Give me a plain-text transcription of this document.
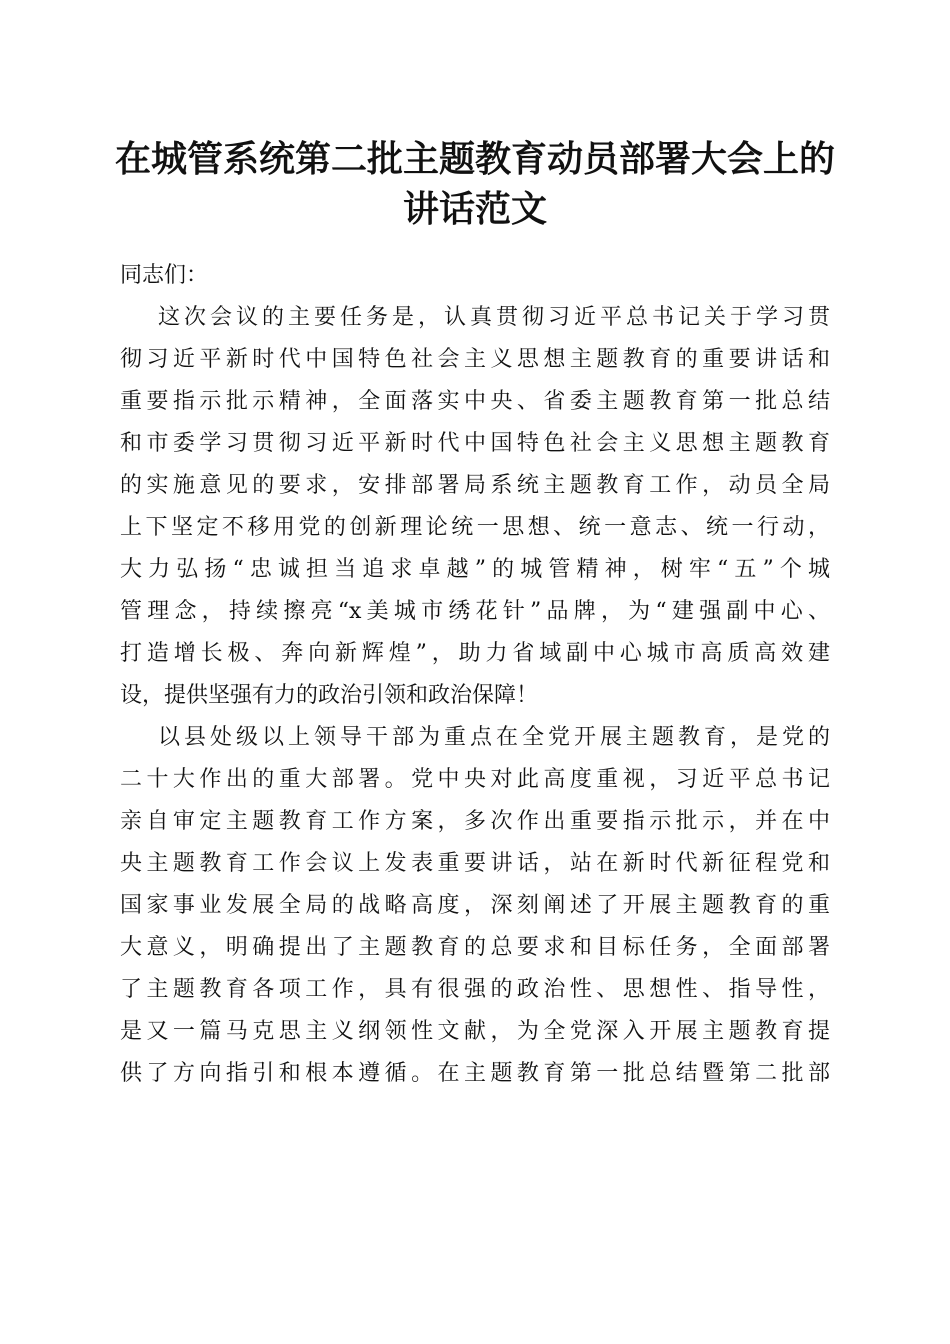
在城管系统第二批主题教育动员部署大会上的
讲话范文
同志们：
这次会议的主要任务是，认真贯彻习近平总书记关于学习贯
彻习近平新时代中国特色社会主义思想主题教育的重要讲话和
重要指示批示精神，全面落实中央、省委主题教育第一批总结
和市委学习贯彻习近平新时代中国特色社会主义思想主题教育
的实施意见的要求，安排部署局系统主题教育工作，动员全局
上下坚定不移用党的创新理论统一思想、统一意志、统一行动，
大力弘扬“忠诚担当追求卓越”的城管精神，树牢“五”个城
管理念，持续擦亮“x美城市绣花针”品牌，为“建强副中心、
打造增长极、奔向新辉煌”，助力省域副中心城市高质高效建
设，提供坚强有力的政治引领和政治保障！
以县处级以上领导干部为重点在全党开展主题教育，是党的
二十大作出的重大部署。党中央对此高度重视，习近平总书记
亲自审定主题教育工作方案，多次作出重要指示批示，并在中
央主题教育工作会议上发表重要讲话，站在新时代新征程党和
国家事业发展全局的战略高度，深刻阐述了开展主题教育的重
大意义，明确提出了主题教育的总要求和目标任务，全面部署
了主题教育各项工作，具有很强的政治性、思想性、指导性，
是又一篇马克思主义纲领性文献，为全党深入开展主题教育提
供了方向指引和根本遵循。在主题教育第一批总结暨第二批部
